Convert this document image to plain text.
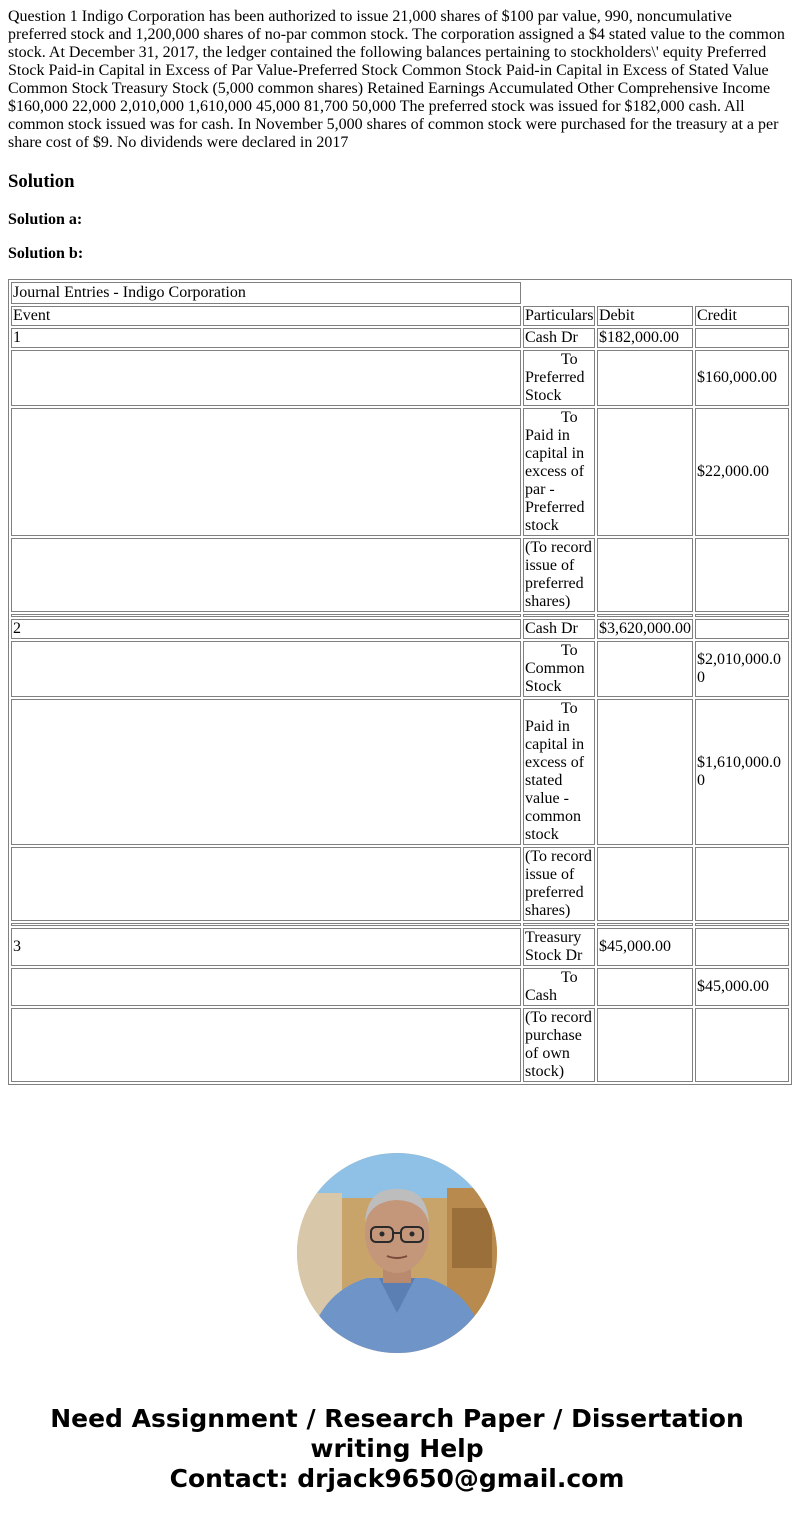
Question 1 Indigo Corporation has been authorized to issue 21,000 shares of $100 par value, 990, noncumulative preferred stock and 1,200,000 shares of no-par common stock. The corporation assigned a $4 stated value to the common stock. At December 31, 2017, the ledger contained the following balances pertaining to stockholders\' equity Preferred Stock Paid-in Capital in Excess of Par Value-Preferred Stock Common Stock Paid-in Capital in Excess of Stated Value Common Stock Treasury Stock (5,000 common shares) Retained Earnings Accumulated Other Comprehensive Income $160,000 22,000 2,010,000 1,610,000 45,000 81,700 50,000 The preferred stock was issued for $182,000 cash. All common stock issued was for cash. In November 5,000 shares of common stock were purchased for the treasury at a per share cost of $9. No dividends were declared in 2017

Solution
Solution a:
Solution b:
Journal Entries - Indigo Corporation			
Event	Particulars	Debit	Credit
1	Cash Dr	$182,000.00	
	To Preferred Stock		$160,000.00
	To Paid in capital in excess of par - Preferred stock		$22,000.00
	(To record issue of preferred shares)		

2	Cash Dr	$3,620,000.00	
	To Common Stock		$2,010,000.00
	To Paid in capital in excess of stated value - common stock		$1,610,000.00
	(To record issue of preferred shares)		

3	Treasury Stock Dr	$45,000.00	
	To Cash		$45,000.00
	(To record purchase of own stock)		

Need Assignment / Research Paper / Dissertation
writing Help
Contact: drjack9650@gmail.com
